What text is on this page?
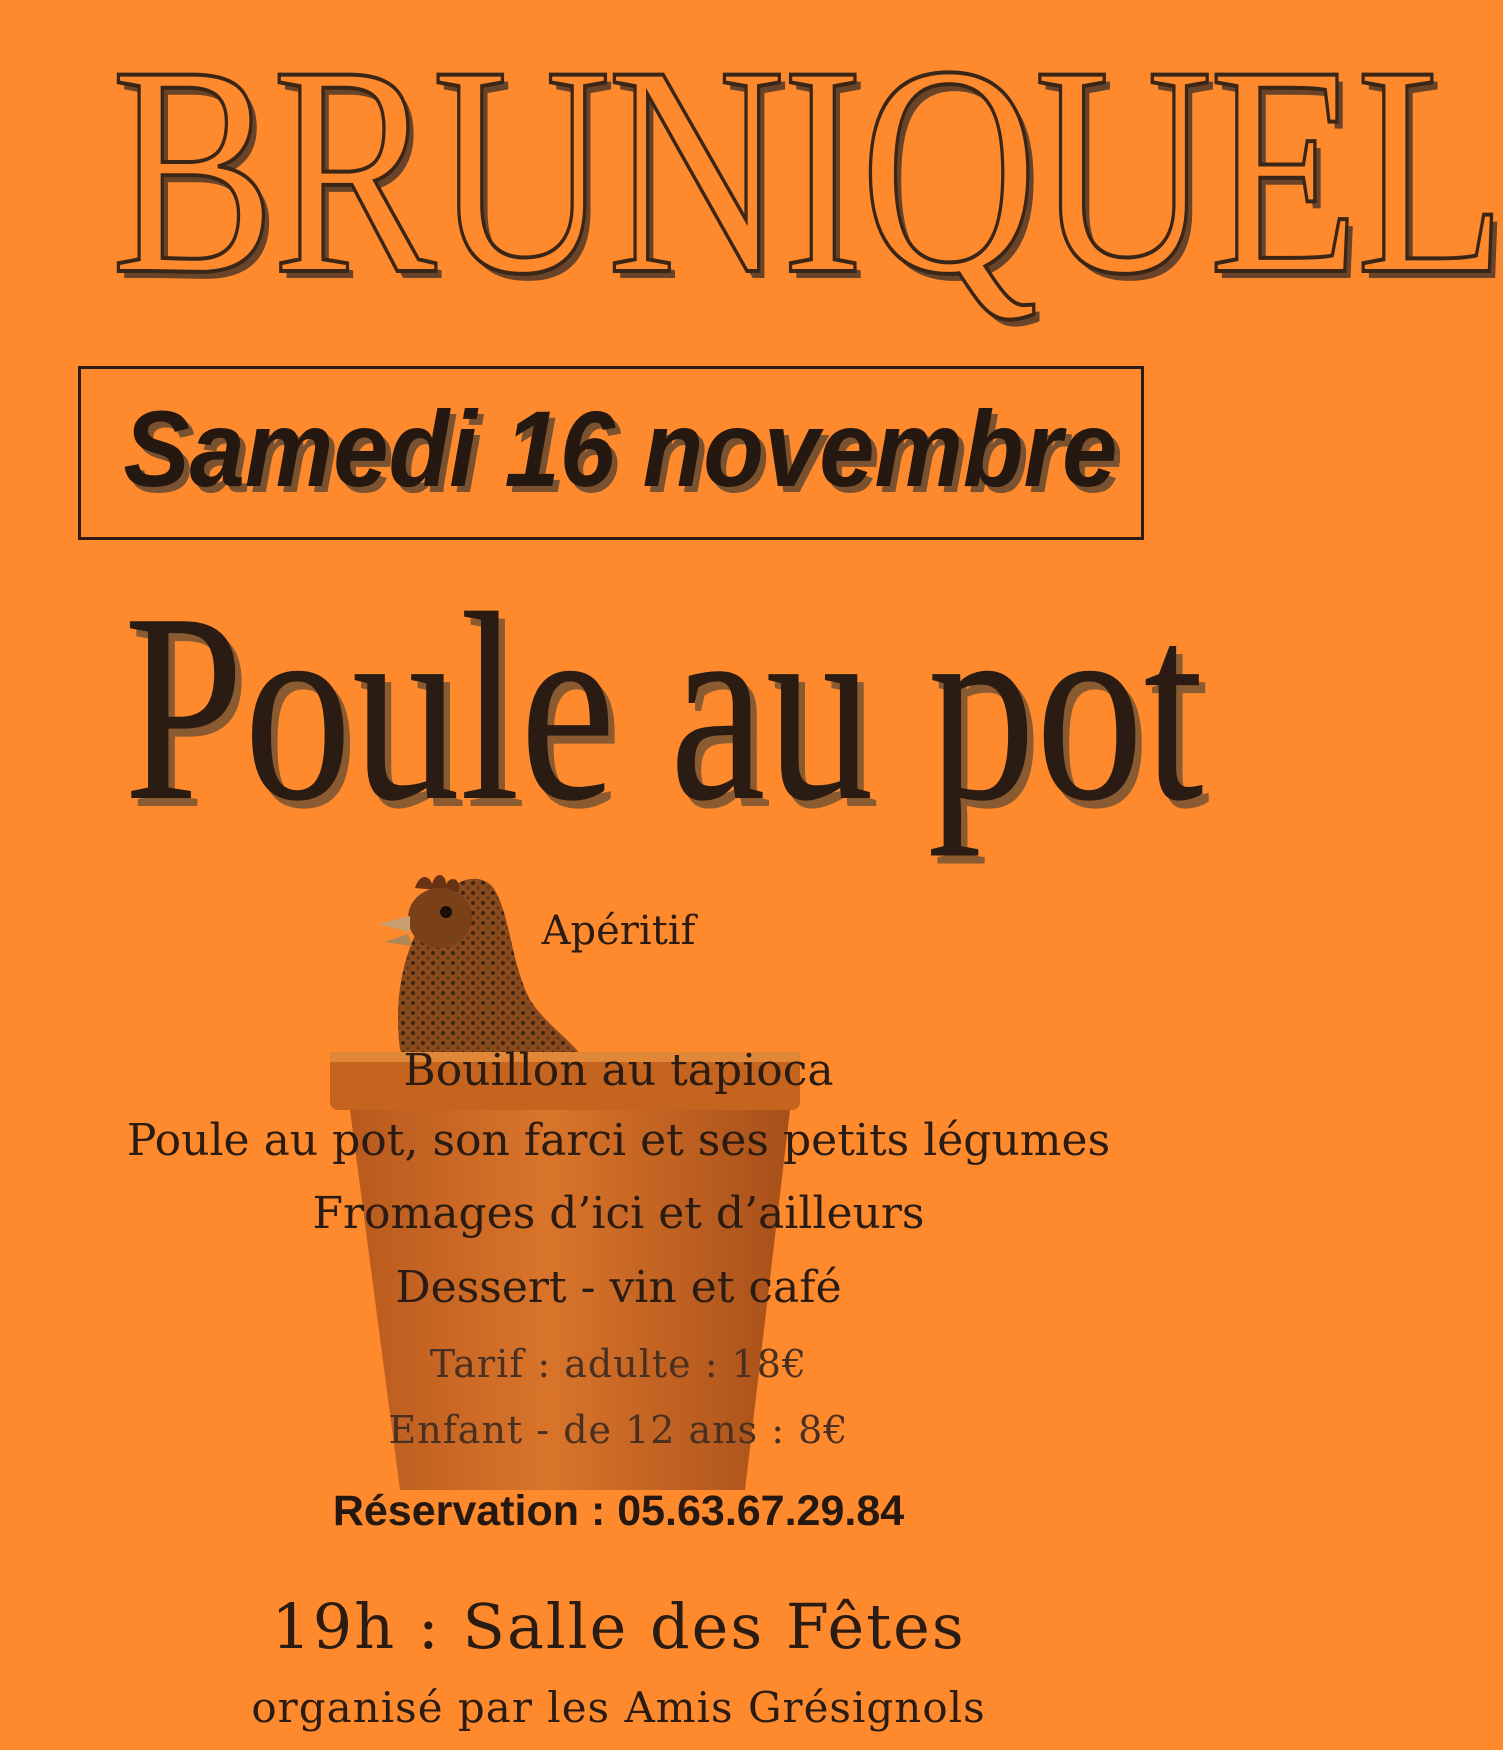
BRUNIQUEL
Samedi 16 novembre
Poule au pot
Apéritif
Bouillon au tapioca
Poule au pot, son farci et ses petits légumes
Fromages d’ici et d’ailleurs
Dessert - vin et café
Tarif : adulte : 18€
Enfant - de 12 ans : 8€
Réservation : 05.63.67.29.84
19h : Salle des Fêtes
organisé par les Amis Grésignols
